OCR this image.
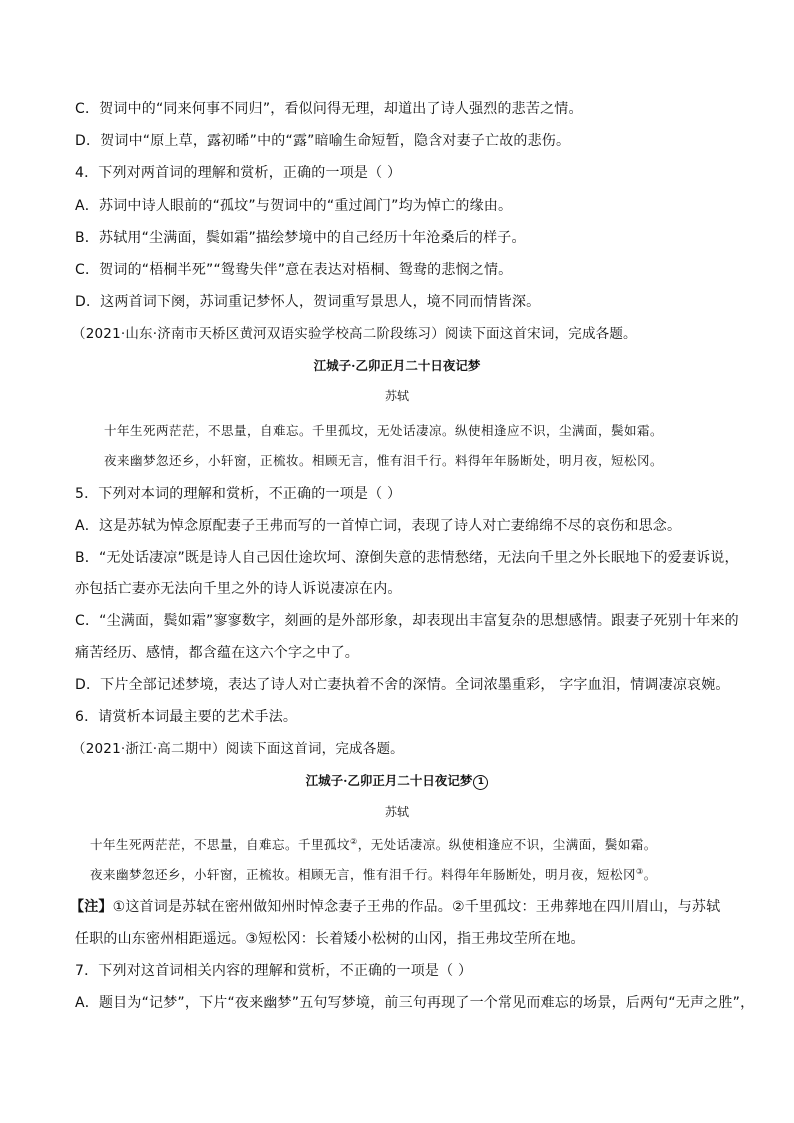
C．贺词中的“同来何事不同归”，看似问得无理，却道出了诗人强烈的悲苦之情。
D．贺词中“原上草，露初晞”中的“露”暗喻生命短暂，隐含对妻子亡故的悲伤。
4．下列对两首词的理解和赏析，正确的一项是（ ）
A．苏词中诗人眼前的“孤坟”与贺词中的“重过阊门”均为悼亡的缘由。
B．苏轼用“尘满面，鬓如霜”描绘梦境中的自己经历十年沧桑后的样子。
C．贺词的“梧桐半死”“鸳鸯失伴”意在表达对梧桐、鸳鸯的悲悯之情。
D．这两首词下阕，苏词重记梦怀人，贺词重写景思人，境不同而情皆深。
（2021·山东·济南市天桥区黄河双语实验学校高二阶段练习）阅读下面这首宋词，完成各题。
江城子·乙卯正月二十日夜记梦
苏轼
十年生死两茫茫，不思量，自难忘。千里孤坟，无处话凄凉。纵使相逢应不识，尘满面，鬓如霜。
夜来幽梦忽还乡，小轩窗，正梳妆。相顾无言，惟有泪千行。料得年年肠断处，明月夜，短松冈。
5．下列对本词的理解和赏析，不正确的一项是（ ）
A．这是苏轼为悼念原配妻子王弗而写的一首悼亡词，表现了诗人对亡妻绵绵不尽的哀伤和思念。
B．“无处话凄凉”既是诗人自己因仕途坎坷、潦倒失意的悲情愁绪，无法向千里之外长眠地下的爱妻诉说，
亦包括亡妻亦无法向千里之外的诗人诉说凄凉在内。
C．“尘满面，鬓如霜”寥寥数字，刻画的是外部形象，却表现出丰富复杂的思想感情。跟妻子死别十年来的
痛苦经历、感情，都含蕴在这六个字之中了。
D．下片全部记述梦境，表达了诗人对亡妻执着不舍的深情。全词浓墨重彩， 字字血泪，情调凄凉哀婉。
6．请赏析本词最主要的艺术手法。
（2021·浙江·高二期中）阅读下面这首词，完成各题。
江城子·乙卯正月二十日夜记梦 1
苏轼
十年生死两茫茫，不思量，自难忘。千里孤坟②，无处话凄凉。纵使相逢应不识，尘满面，鬓如霜。
夜来幽梦忽还乡，小轩窗，正梳妆。相顾无言，惟有泪千行。料得年年肠断处，明月夜，短松冈③。
【注】①这首词是苏轼在密州做知州时悼念妻子王弗的作品。②千里孤坟：王弗葬地在四川眉山，与苏轼
任职的山东密州相距遥远。③短松冈：长着矮小松树的山冈，指王弗坟茔所在地。
7．下列对这首词相关内容的理解和赏析，不正确的一项是（ ）
A．题目为“记梦”，下片“夜来幽梦”五句写梦境，前三句再现了一个常见而难忘的场景，后两句“无声之胜”，
